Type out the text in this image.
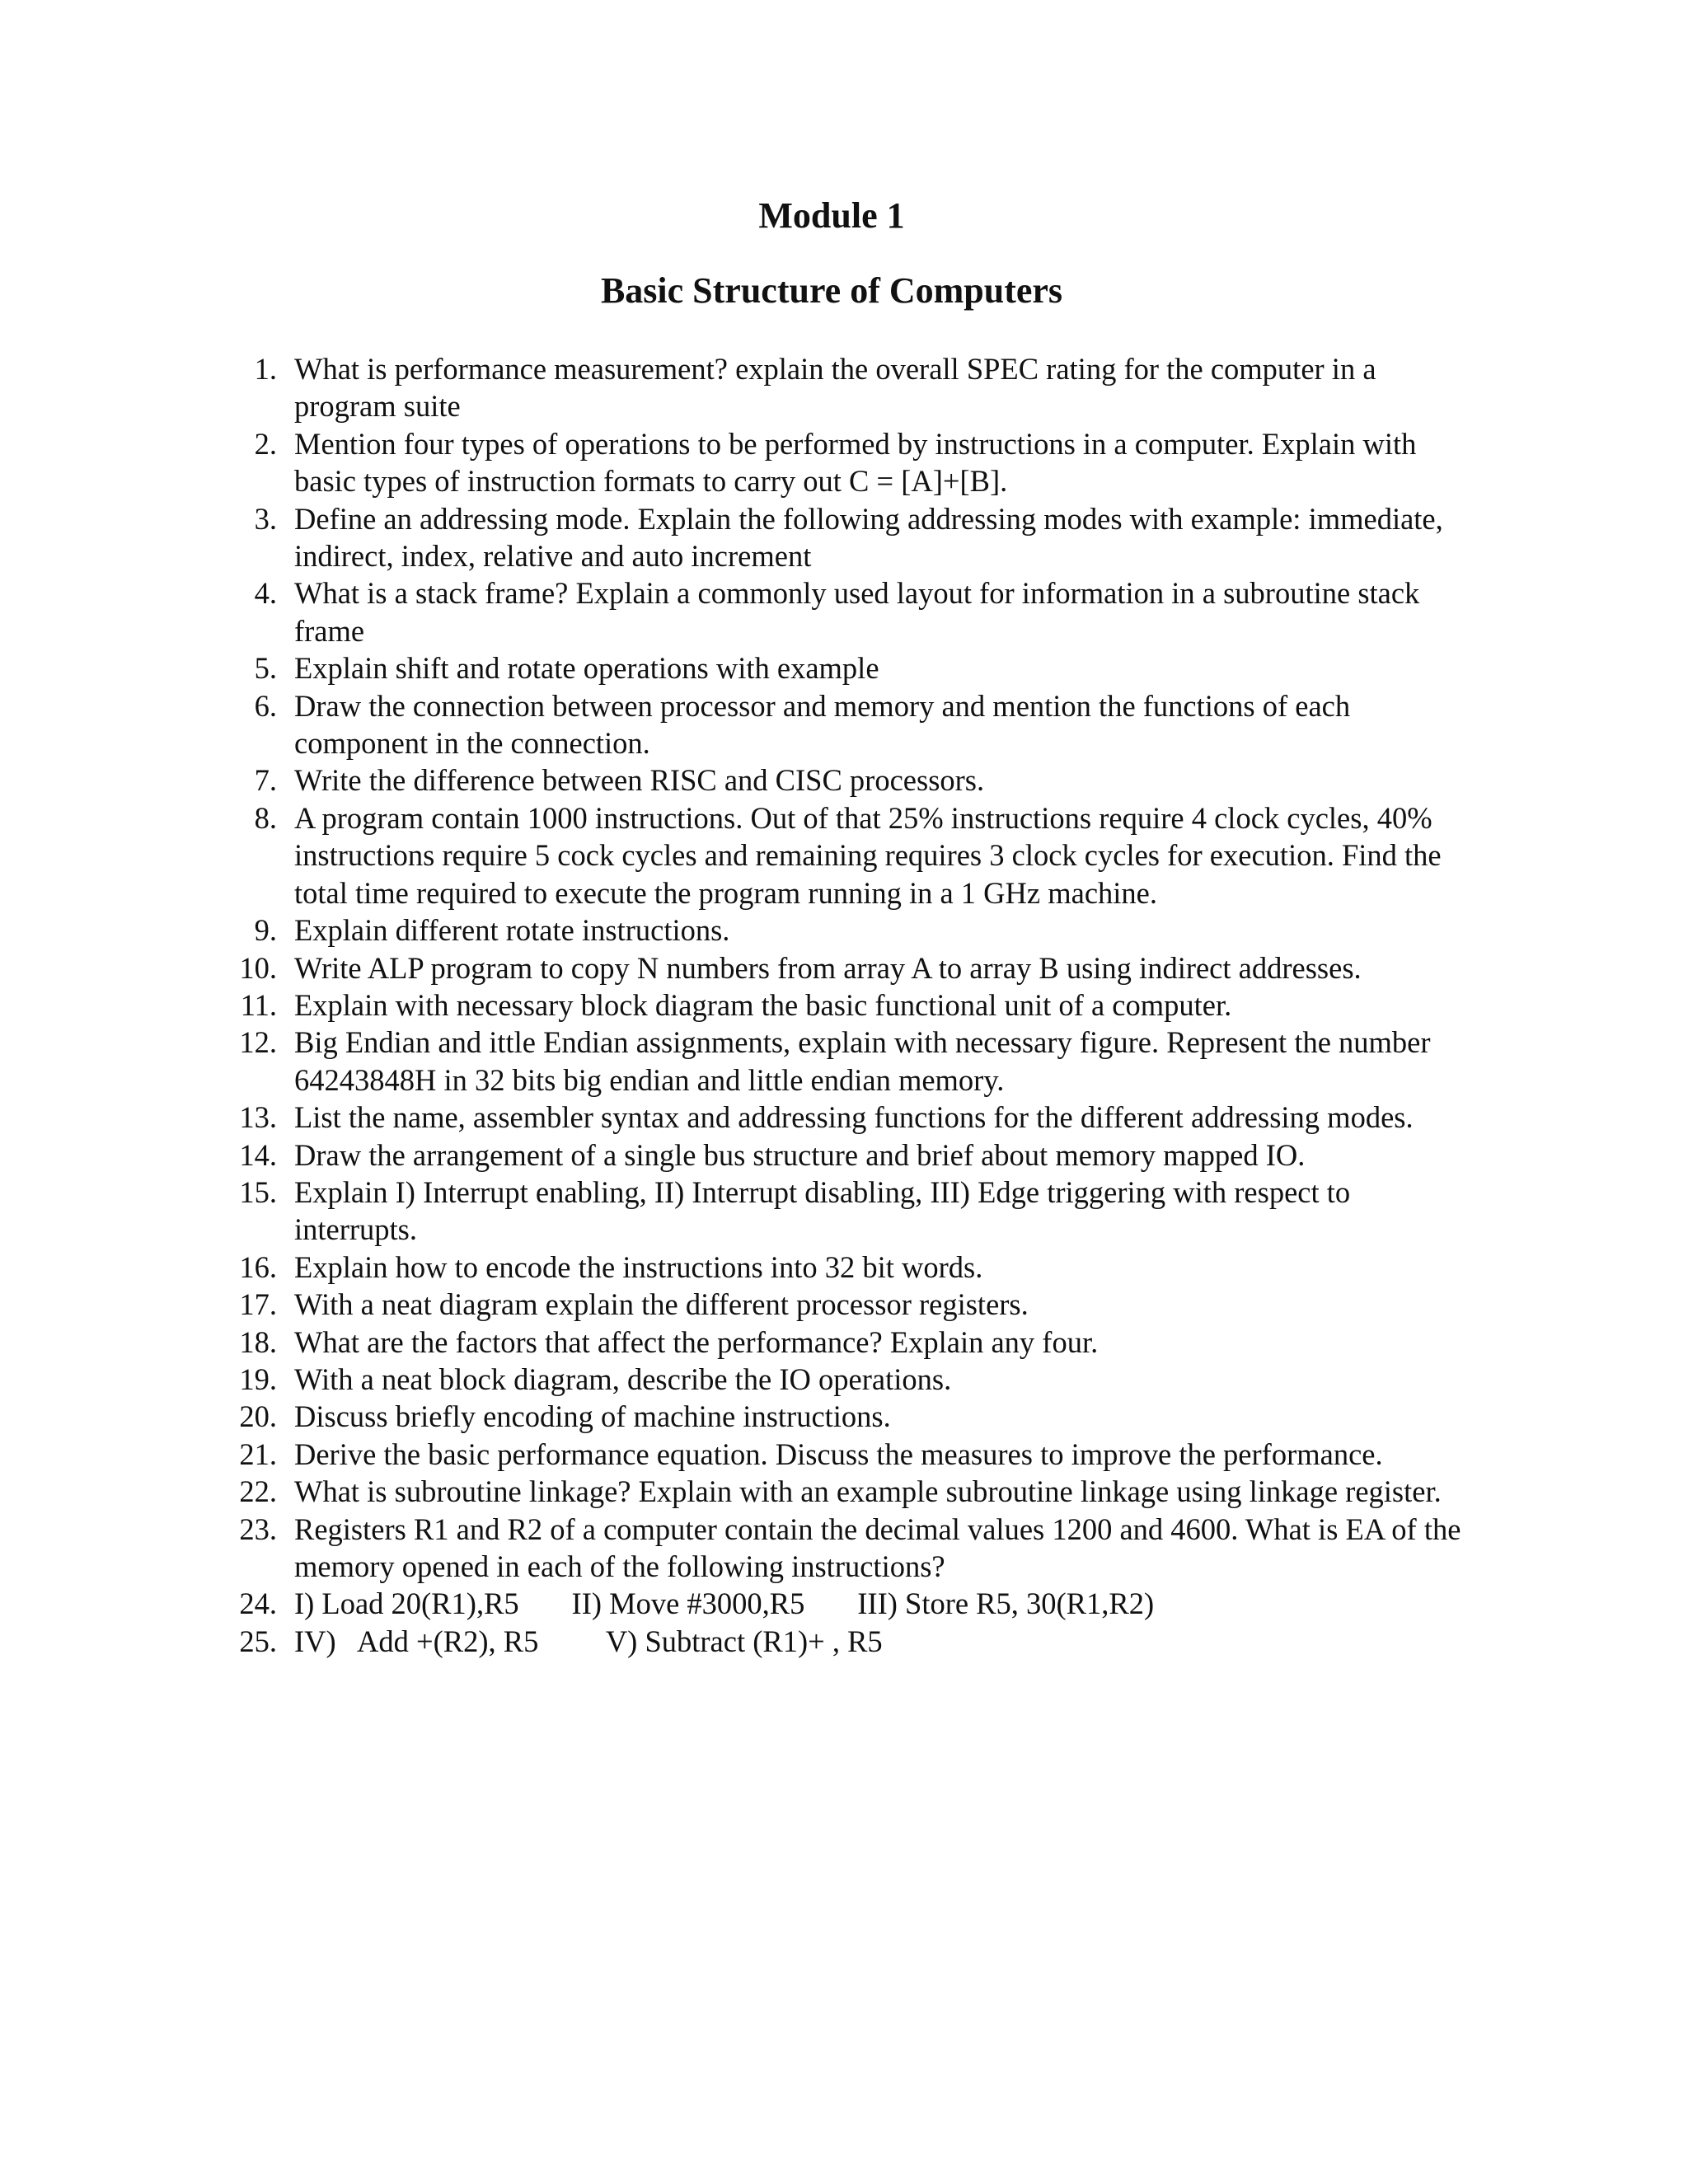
Module 1
Basic Structure of Computers
1. What is performance measurement? explain the overall SPEC rating for the computer in a program suite
2. Mention four types of operations to be performed by instructions in a computer. Explain with basic types of instruction formats to carry out C = [A]+[B].
3. Define an addressing mode. Explain the following addressing modes with example: immediate, indirect, index, relative and auto increment
4. What is a stack frame? Explain a commonly used layout for information in a subroutine stack frame
5. Explain shift and rotate operations with example
6. Draw the connection between processor and memory and mention the functions of each component in the connection.
7. Write the difference between RISC and CISC processors.
8. A program contain 1000 instructions. Out of that 25% instructions require 4 clock cycles, 40% instructions require 5 cock cycles and remaining requires 3 clock cycles for execution. Find the total time required to execute the program running in a 1 GHz machine.
9. Explain different rotate instructions.
10. Write ALP program to copy N numbers from array A to array B using indirect addresses.
11. Explain with necessary block diagram the basic functional unit of a computer.
12. Big Endian and ittle Endian assignments, explain with necessary figure. Represent the number 64243848H in 32 bits big endian and little endian memory.
13. List the name, assembler syntax and addressing functions for the different addressing modes.
14. Draw the arrangement of a single bus structure and brief about memory mapped IO.
15. Explain I) Interrupt enabling, II) Interrupt disabling, III) Edge triggering with respect to interrupts.
16. Explain how to encode the instructions into 32 bit words.
17. With a neat diagram explain the different processor registers.
18. What are the factors that affect the performance? Explain any four.
19. With a neat block diagram, describe the IO operations.
20. Discuss briefly encoding of machine instructions.
21. Derive the basic performance equation. Discuss the measures to improve the performance.
22. What is subroutine linkage? Explain with an example subroutine linkage using linkage register.
23. Registers R1 and R2 of a computer contain the decimal values 1200 and 4600. What is EA of the memory opened in each of the following instructions?
24. I) Load 20(R1),R5       II) Move #3000,R5       III) Store R5, 30(R1,R2)
25. IV)   Add +(R2), R5         V) Subtract (R1)+ , R5
